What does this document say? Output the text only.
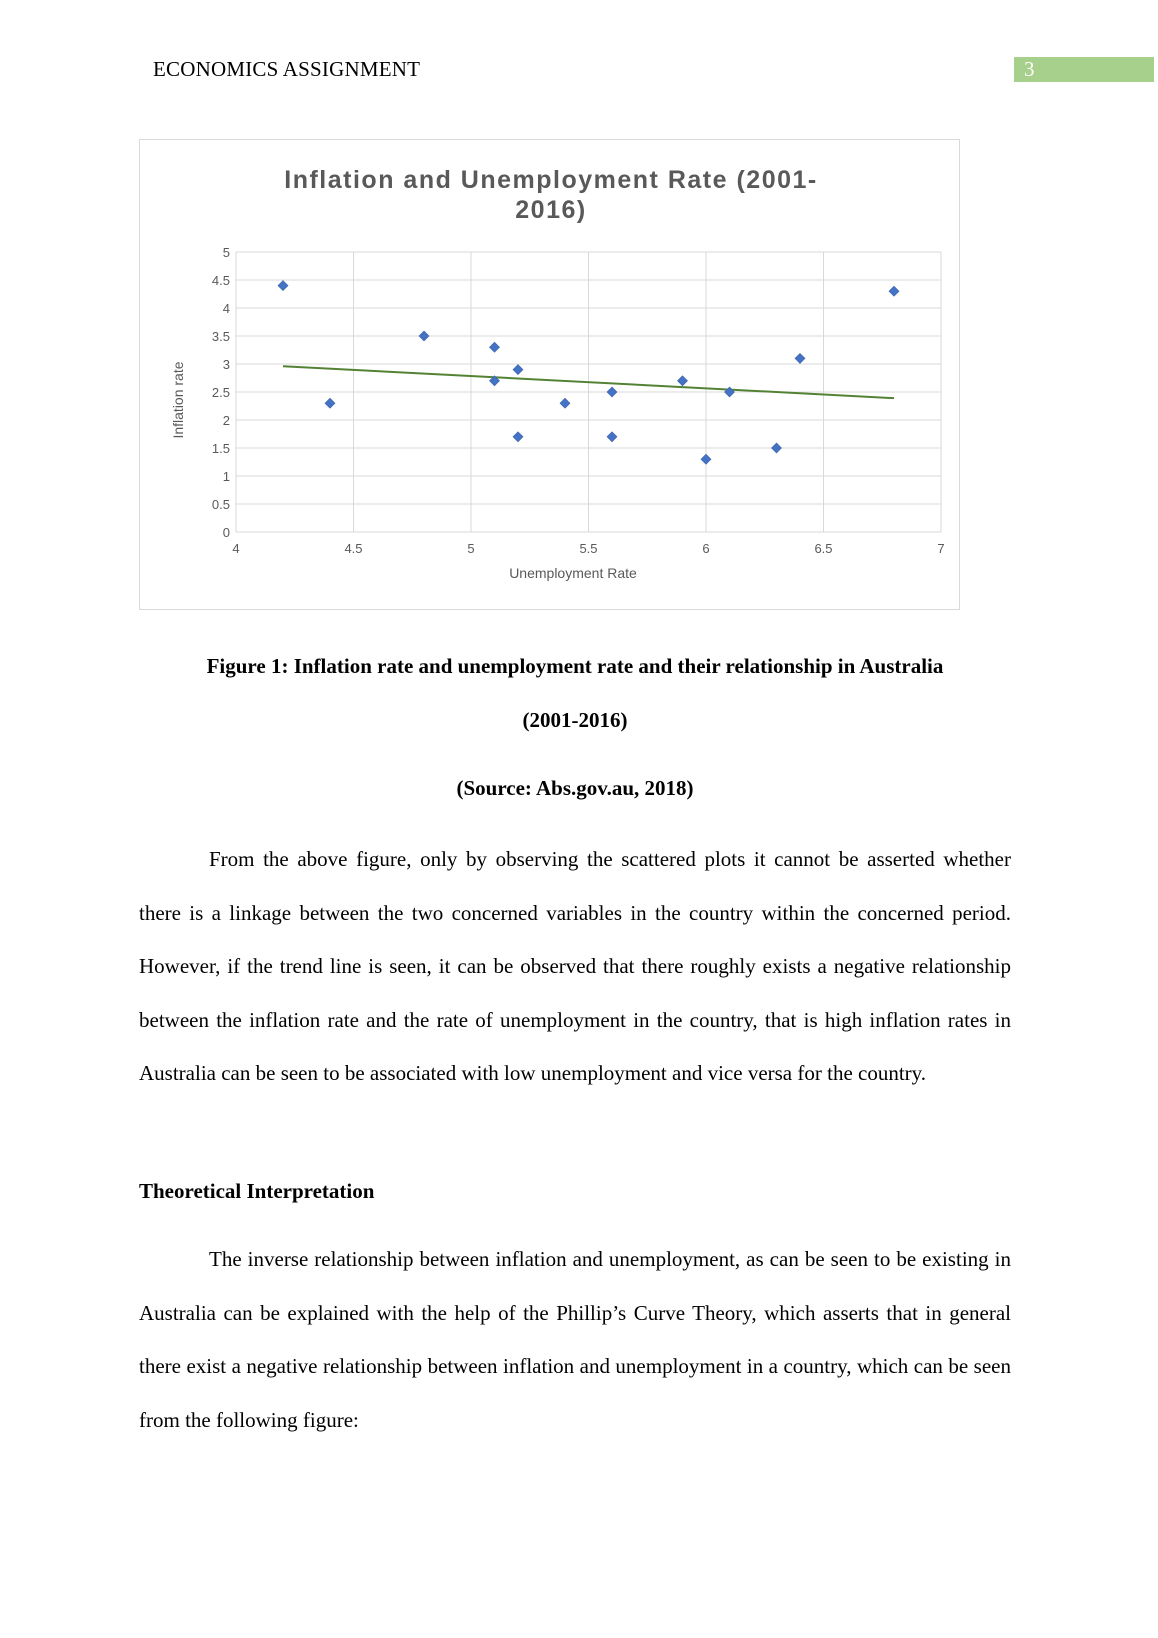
ECONOMICS ASSIGNMENT	3
Inflation and Unemployment Rate (2001-
2016)
0
0.5
1
1.5
2
2.5
3
3.5
4
4.5
5
4	4.5	5	5.5	6	6.5	7
Unemployment Rate
Inflation rate
Figure 1: Inflation rate and unemployment rate and their relationship in Australia
(2001-2016)
(Source: Abs.gov.au, 2018)

From the above figure, only by observing the scattered plots it cannot be asserted whether there is a linkage between the two concerned variables in the country within the concerned period. However, if the trend line is seen, it can be observed that there roughly exists a negative relationship between the inflation rate and the rate of unemployment in the country, that is high inflation rates in Australia can be seen to be associated with low unemployment and vice versa for the country.

Theoretical Interpretation

The inverse relationship between inflation and unemployment, as can be seen to be existing in Australia can be explained with the help of the Phillip’s Curve Theory, which asserts that in general there exist a negative relationship between inflation and unemployment in a country, which can be seen from the following figure:
